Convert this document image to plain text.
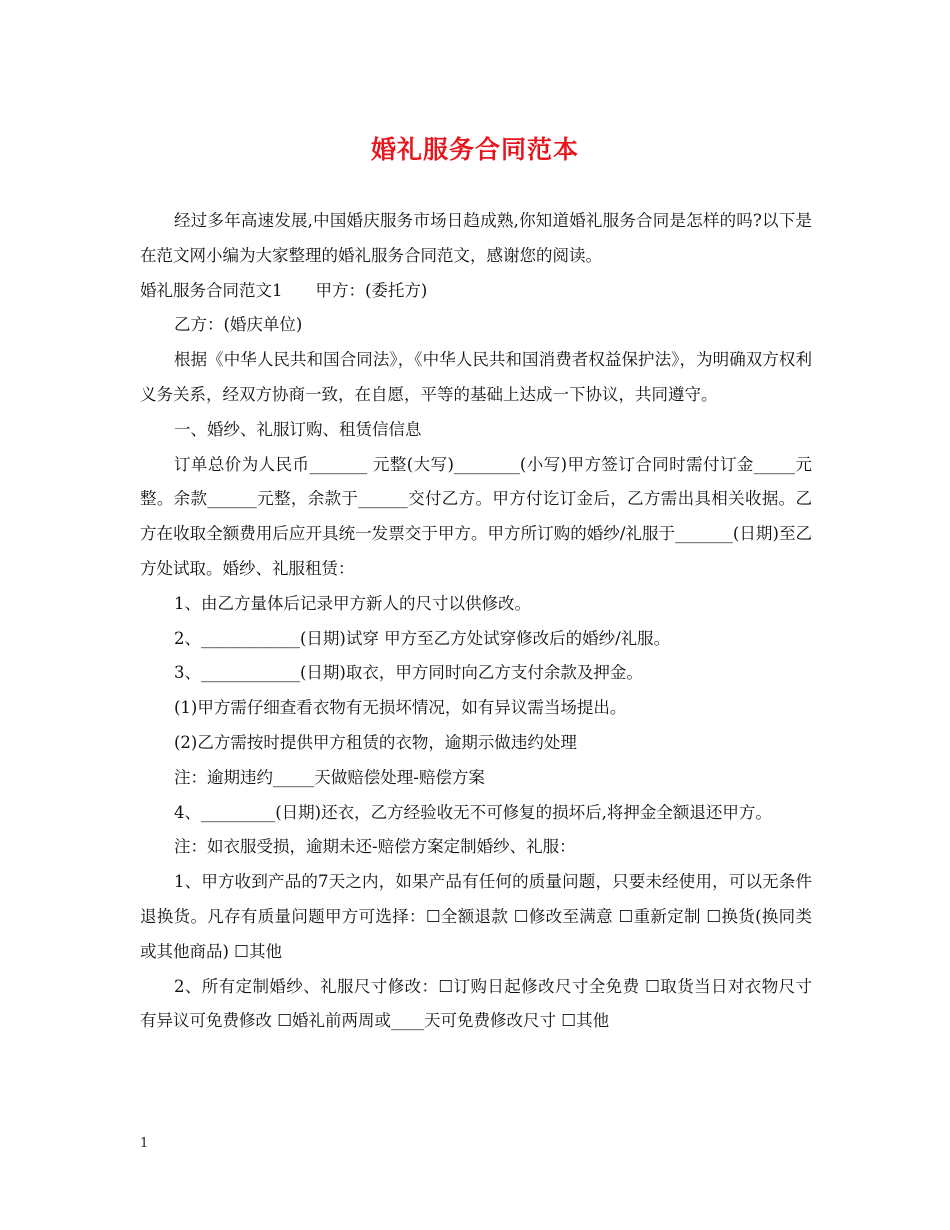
婚礼服务合同范本

经过多年高速发展,中国婚庆服务市场日趋成熟,你知道婚礼服务合同是怎样的吗?以下是在范文网小编为大家整理的婚礼服务合同范文，感谢您的阅读。

婚礼服务合同范文1　　甲方：(委托方)

乙方：(婚庆单位)

根据《中华人民共和国合同法》，《中华人民共和国消费者权益保护法》，为明确双方权利义务关系，经双方协商一致，在自愿，平等的基础上达成一下协议，共同遵守。

一、婚纱、礼服订购、租赁信信息

订单总价为人民币_______ 元整(大写)________(小写)甲方签订合同时需付订金_____元整。余款______元整，余款于______交付乙方。甲方付讫订金后，乙方需出具相关收据。乙方在收取全额费用后应开具统一发票交于甲方。甲方所订购的婚纱/礼服于_______(日期)至乙方处试取。婚纱、礼服租赁：

1、由乙方量体后记录甲方新人的尺寸以供修改。

2、____________(日期)试穿 甲方至乙方处试穿修改后的婚纱/礼服。

3、____________(日期)取衣，甲方同时向乙方支付余款及押金。

(1)甲方需仔细查看衣物有无损坏情况，如有异议需当场提出。

(2)乙方需按时提供甲方租赁的衣物，逾期示做违约处理

注：逾期违约_____天做赔偿处理-赔偿方案

4、_________(日期)还衣，乙方经验收无不可修复的损坏后,将押金全额退还甲方。

注：如衣服受损，逾期未还-赔偿方案定制婚纱、礼服：

1、甲方收到产品的7天之内，如果产品有任何的质量问题，只要未经使用，可以无条件退换货。凡存有质量问题甲方可选择：☐全额退款 ☐修改至满意 ☐重新定制 ☐换货(换同类或其他商品) ☐其他

2、所有定制婚纱、礼服尺寸修改：☐订购日起修改尺寸全免费 ☐取货当日对衣物尺寸有异议可免费修改 ☐婚礼前两周或____天可免费修改尺寸 ☐其他

1
